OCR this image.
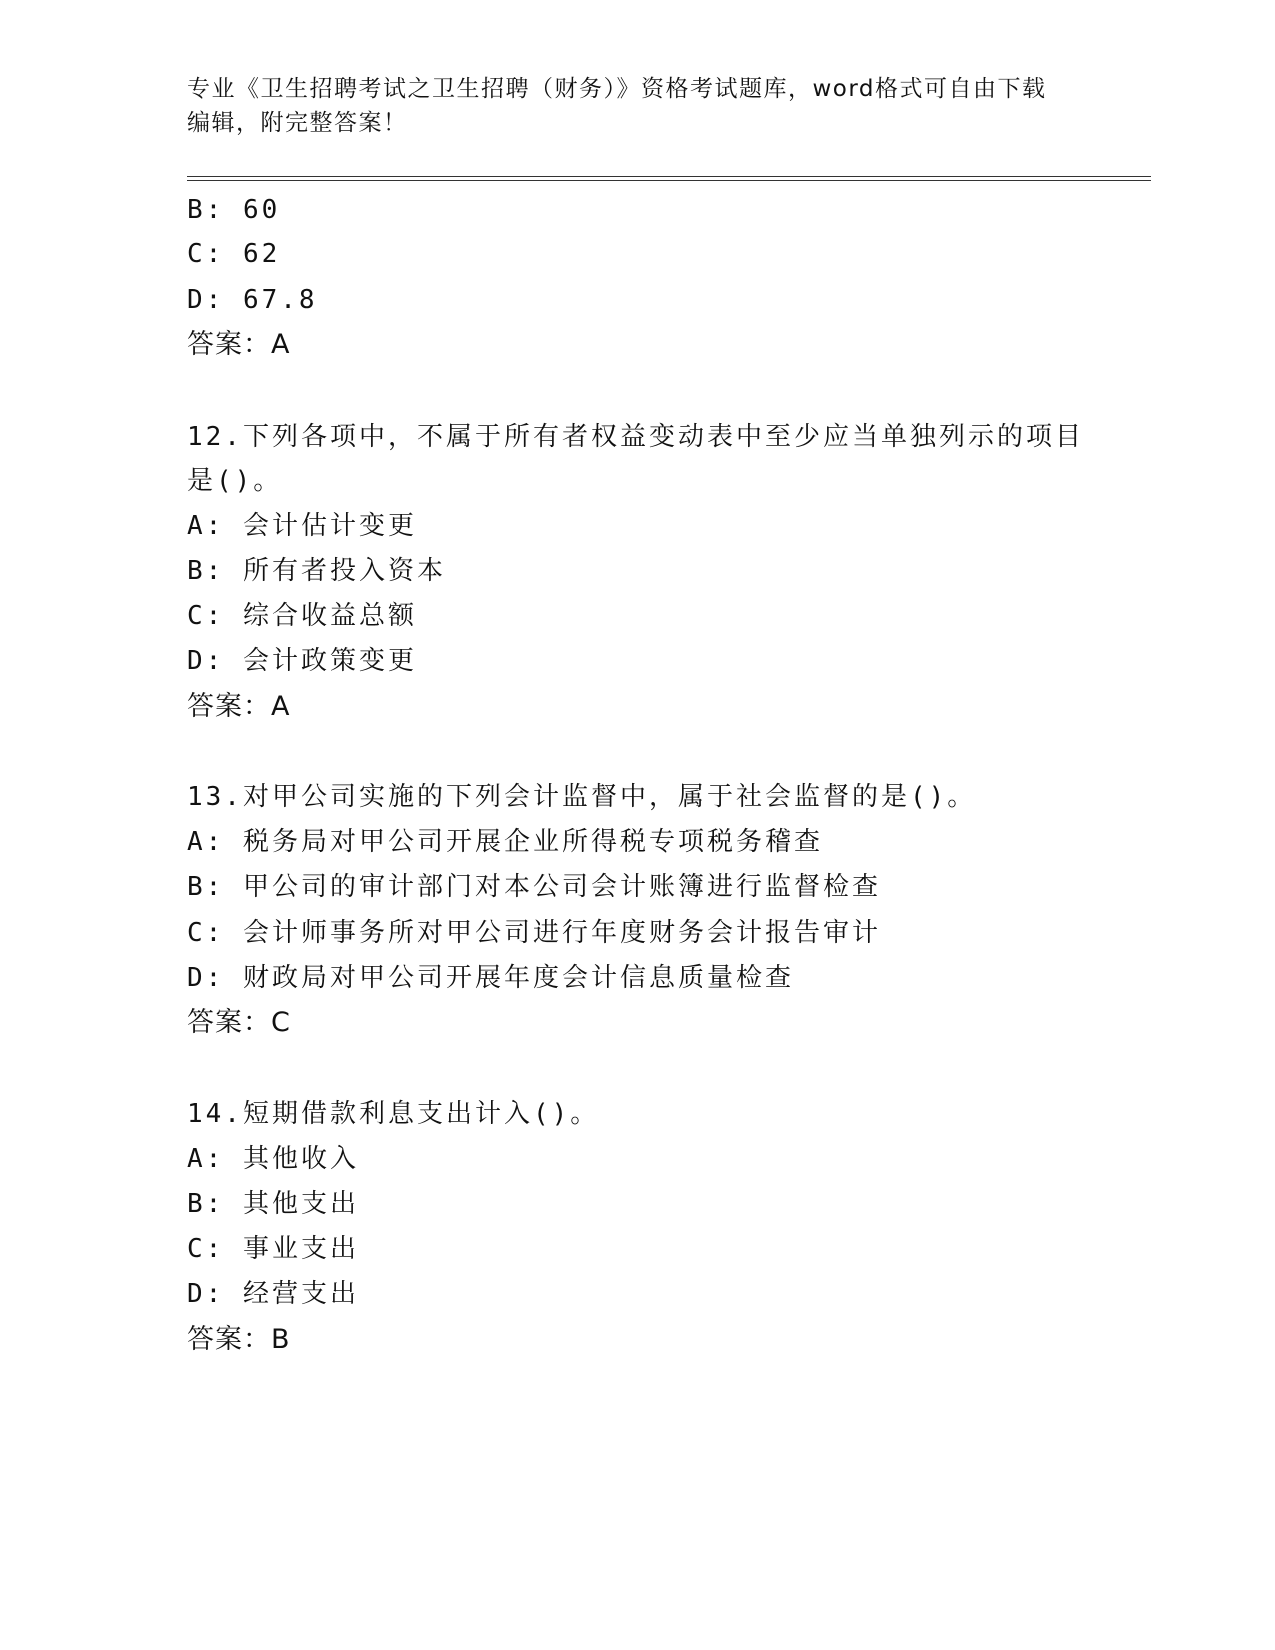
专业《卫生招聘考试之卫生招聘（财务）》资格考试题库，word格式可自由下载
编辑，附完整答案！
B: 60
C: 62
D: 67.8
答案：A
12.下列各项中，不属于所有者权益变动表中至少应当单独列示的项目
是()。
A: 会计估计变更
B: 所有者投入资本
C: 综合收益总额
D: 会计政策变更
答案：A
13.对甲公司实施的下列会计监督中，属于社会监督的是()。
A: 税务局对甲公司开展企业所得税专项税务稽查
B: 甲公司的审计部门对本公司会计账簿进行监督检查
C: 会计师事务所对甲公司进行年度财务会计报告审计
D: 财政局对甲公司开展年度会计信息质量检查
答案：C
14.短期借款利息支出计入()。
A: 其他收入
B: 其他支出
C: 事业支出
D: 经营支出
答案：B
